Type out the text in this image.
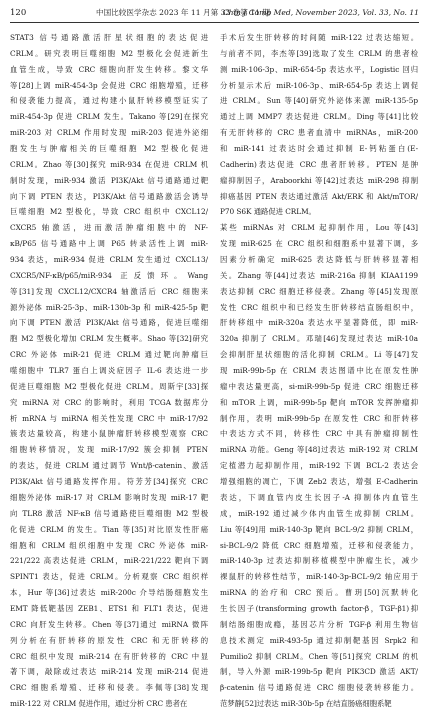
120	中国比较医学杂志 2023 年 11 月第 33 卷第 11 期
Chin J Comp Med, November 2023, Vol. 33, No. 11
STAT3 信号通路激活肝星状细胞的表达促进
CRLM。研究表明巨噬细胞 M2 型极化会促进新生
血管生成，导致 CRC 细胞向肝发生转移。黎文华
等[28]上调 miR-454-3p 会促进 CRC 细胞增殖，迁移
和侵袭能力提高，通过构建小鼠肝转移模型证实了
miR-454-3p 促进 CRLM 发生。Takano 等[29]在探究
miR-203 对 CRLM 作用时发现 miR-203 促进外泌细
胞发生与肿瘤相关的巨噬细胞 M2 型极化促进
CRLM。Zhao 等[30]探究 miR-934 在促进 CRLM 机
制时发现，miR-934 激活 PI3K/Akt 信号通路通过靶
向下调 PTEN 表达，PI3K/Akt 信号通路激活会诱导
巨噬细胞 M2 型极化，导致 CRC 组织中 CXCL12/
CXCR5 轴激活，进而激活肿瘤细胞中的 NF-
κB/P65 信号通路中上调 P65 转录活性上调 miR-
934 表达，miR-934 促进 CRLM 发生通过 CXCL13/
CXCR5/NF-κB/p65/miR-934 正反馈环。Wang
等[31]发现 CXCL12/CXCR4 轴激活后 CRC 细胞来
源外泌体 miR-25-3p、miR-130b-3p 和 miR-425-5p 靶
向下调 PTEN 激活 PI3K/Akt 信号通路，促进巨噬细
胞 M2 型极化增加 CRLM 发生概率。Shao 等[32]研究
CRC 外泌体 miR-21 促进 CRLM 通过靶向肿瘤巨
噬细胞中 TLR7 蛋白上调炎症因子 IL-6 表达进一步
促进巨噬细胞 M2 型极化促进 CRLM。周斯宇[33]探
究 miRNA 对 CRC 的影响时，利用 TCGA 数据库分
析 mRNA 与 miRNA 相关性发现 CRC 中 miR-17/92
簇表达量较高，构建小鼠肿瘤肝转移模型观察 CRC
细胞转移情况，发现 miR-17/92 簇会抑制 PTEN
的表达，促进 CRLM 通过调节 Wnt/β-catenin、激活
PI3K/Akt 信号通路发挥作用。符芳芳[34]探究 CRC
细胞外泌体 miR-17 对 CRLM 影响时发现 miR-17 靶
向 TLR8 激活 NF-κB 信号通路使巨噬细胞 M2 型极
化促进 CRLM 的发生。Tian 等[35]对比原发性肝癌
细胞和 CRLM 组织细胞中发现 CRC 外泌体 miR-
221/222 高表达促进 CRLM，miR-221/222 靶向下调
SPINT1 表达，促进 CRLM。分析观察 CRC 组织样
本，Hur 等[36]过表达 miR-200c 介导结肠细胞发生
EMT 降低靶基因 ZEB1、ETS1 和 FLT1 表达，促进
CRC 向肝发生转移。Chen 等[37]通过 miRNA 微阵
列分析在有肝转移的原发性 CRC 和无肝转移的
CRC 组织中发现 miR-214 在有肝转移的 CRC 中显
著下调，敲除或过表达 miR-214 发现 miR-214 促进
CRC 细胞系增殖、迁移和侵袭。李佩等[38]发现
miR-122 对 CRLM 促进作用，通过分析 CRC 患者在
手术后发生肝转移的时间随 miR-122 过表达缩短。
与前者不同，李杰等[39]选取了发生 CRLM 的患者检
测 miR-106-3p、miR-654-5p 表达水平，Logistic 回归
分析显示术后 miR-106-3p、miR-654-5p 表达上调促
进 CRLM。Sun 等[40]研究外泌体来源 miR-135-5p
通过上调 MMP7 表达促进 CRLM。Ding 等[41]比较
有无肝转移的 CRC 患者血清中 miRNAs，miR-200
和 miR-141 过表达时会通过抑制 E-钙粘蛋白(E-
Cadherin)表达促进 CRC 患者肝转移。PTEN 是肿
瘤抑制因子，Araboorkhi 等[42]过表达 miR-298 抑制
抑癌基因 PTEN 表达通过激活 Akt/ERK 和 Akt/mTOR/
P70 S6K 通路促进 CRLM。
某些 miRNAs 对 CRLM 起抑制作用，Lou 等[43]
发现 miR-625 在 CRC 组织和细胞系中显著下调，多
因素分析确定 miR-625 表达降低与肝转移显著相
关。Zhang 等[44]过表达 miR-216a 抑制 KIAA1199
表达抑制 CRC 细胞迁移侵袭。Zhang 等[45]发现原
发性 CRC 组织中和已经发生肝转移结直肠组织中，
肝转移组中 miR-320a 表达水平显著降低，即 miR-
320a 抑制了 CRLM。邓瑞[46]发现过表达 miR-10a
会抑制肝星状细胞的活化抑制 CRLM。Li 等[47]发
现 miR-99b-5p 在 CRLM 表达图谱中比在原发性肿
瘤中表达量更高，si-miR-99b-5p 促进 CRC 细胞迁移
和 mTOR 上调，miR-99b-5p 靶向 mTOR 发挥肿瘤抑
制作用，表明 miR-99b-5p 在原发性 CRC 和肝转移
中表达方式不同，转移性 CRC 中具有肿瘤抑制性
miRNA 功能。Geng 等[48]过表达 miR-192 对 CRLM
定植潜力起抑制作用，miR-192 下调 BCL-2 表达会
增强细胞的凋亡，下调 Zeb2 表达，增强 E-Cadherin
表达，下调血管内皮生长因子-A 抑制体内血管生
成，miR-192 通过减少体内血管生成抑制 CRLM。
Liu 等[49]用 miR-140-3p 靶向 BCL-9/2 抑制 CRLM，
si-BCL-9/2 降低 CRC 细胞增殖，迁移和侵袭能力，
miR-140-3p 过表达抑制移植模型中肿瘤生长，减少
裸鼠肝的转移性结节，miR-140-3p-BCL-9/2 轴应用于
miRNA 的治疗和 CRC 预后。曹玥[50]沉默转化
生长因子(transforming growth factor-β，TGF-β1)抑
制结肠细胞成瘾，基因芯片分析 TGF-β 利用生物信
息技术测定 miR-493-5p 通过抑制靶基因 Srpk2 和
Pumilio2 抑制 CRLM。Chen 等[51]探究 CRLM 的机
制，导入外源 miR-199b-5p 靶向 PIK3CD 激活 AKT/
β-catenin 信号通路促进 CRC 细胞侵袭转移能力。
范梦静[52]过表达 miR-30b-5p 在结直肠癌细胞系靶
